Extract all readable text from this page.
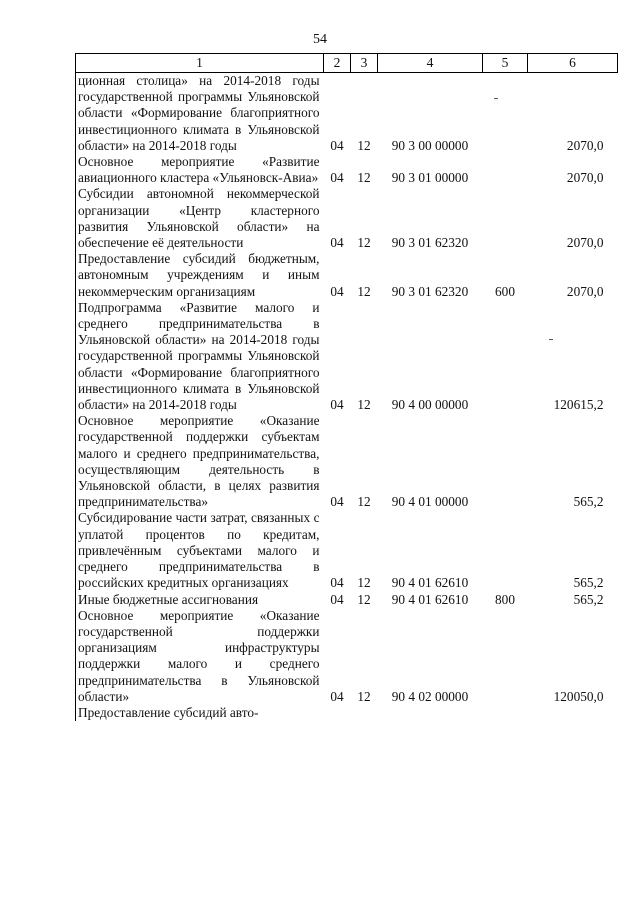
54
1	2	3	4	5	6
ционная столица» на 2014-2018 годы государственной программы Ульяновской области «Формирование благоприятного инвестиционного климата в Ульяновской области» на 2014-2018 годы	04	12	90 3 00 00000		2070,0
Основное мероприятие «Развитие авиационного кластера «Ульяновск-Авиа»	04	12	90 3 01 00000		2070,0
Субсидии автономной некоммерческой организации «Центр кластерного развития Ульяновской области» на обеспечение её деятельности	04	12	90 3 01 62320		2070,0
Предоставление субсидий бюджетным, автономным учреждениям и иным некоммерческим организациям	04	12	90 3 01 62320	600	2070,0
Подпрограмма «Развитие малого и среднего предпринимательства в Ульяновской области» на 2014-2018 годы государственной программы Ульяновской области «Формирование благоприятного инвестиционного климата в Ульяновской области» на 2014-2018 годы	04	12	90 4 00 00000		120615,2
Основное мероприятие «Оказание государственной поддержки субъектам малого и среднего предпринимательства, осуществляющим деятельность в Ульяновской области, в целях развития предпринимательства»	04	12	90 4 01 00000		565,2
Субсидирование части затрат, связанных с уплатой процентов по кредитам, привлечённым субъектами малого и среднего предпринимательства в российских кредитных организациях	04	12	90 4 01 62610		565,2
Иные бюджетные ассигнования	04	12	90 4 01 62610	800	565,2
Основное мероприятие «Оказание государственной поддержки организациям инфраструктуры поддержки малого и среднего предпринимательства в Ульяновской области»	04	12	90 4 02 00000		120050,0
Предоставление субсидий авто-					
